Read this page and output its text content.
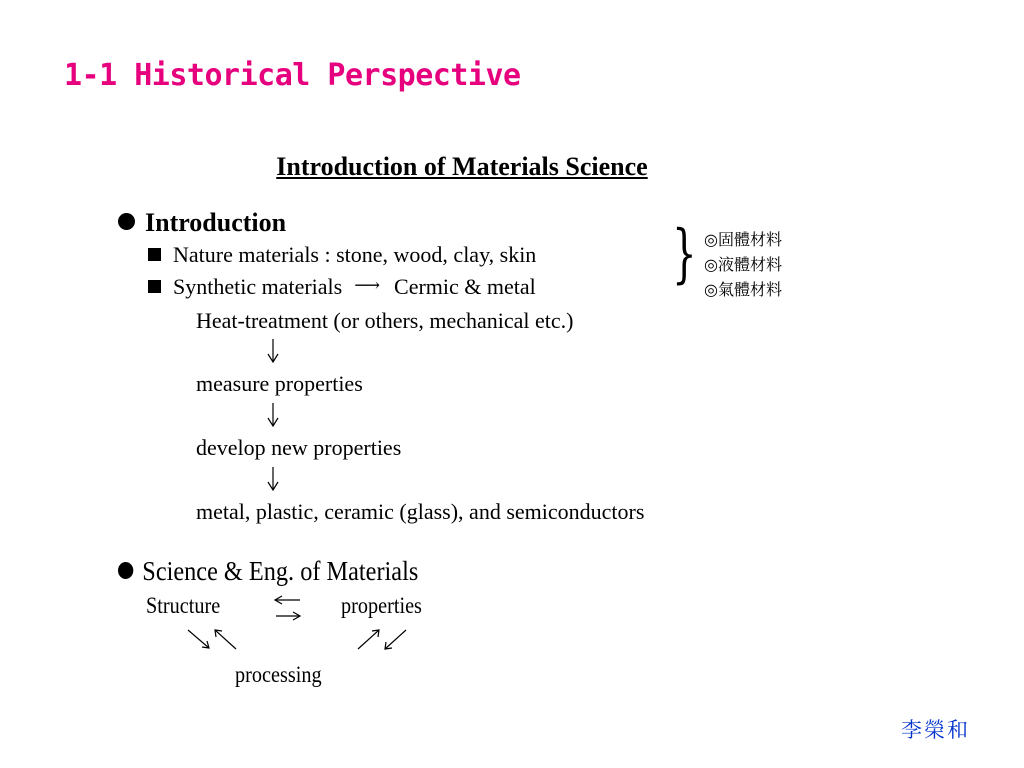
1-1 Historical Perspective
Introduction of Materials Science
Introduction
Nature materials : stone, wood, clay, skin
Synthetic materials ⟶ Cermic & metal } ◎固體材料
◎液體材料
◎氣體材料
Heat-treatment (or others, mechanical etc.)
measure properties
develop new properties
metal, plastic, ceramic (glass), and semiconductors
Science & Eng. of Materials
Structure	properties
processing
李榮和
